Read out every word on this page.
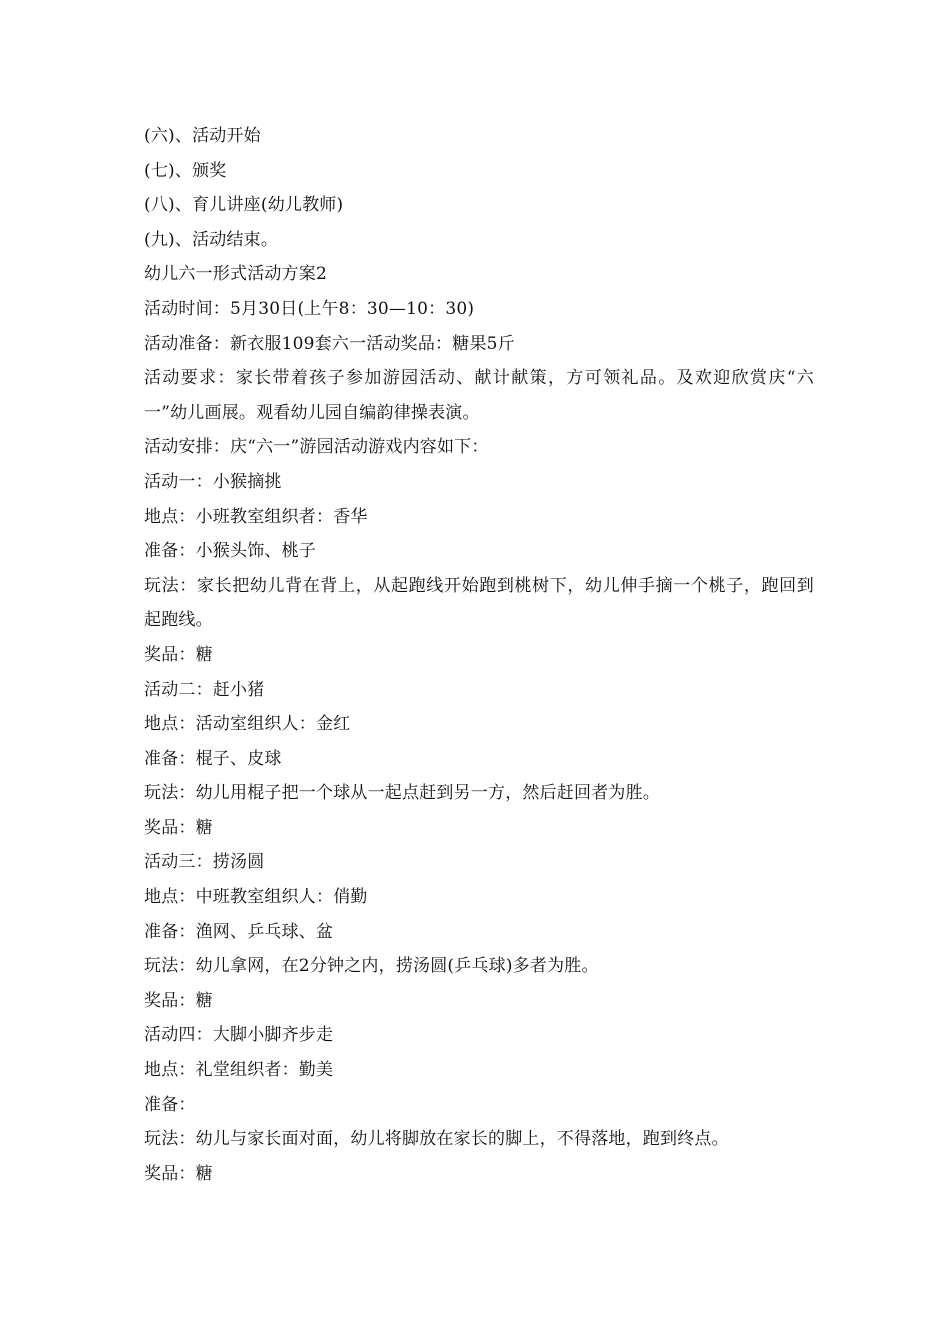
(六)、活动开始
(七)、颁奖
(八)、育儿讲座(幼儿教师)
(九)、活动结束。
幼儿六一形式活动方案2
活动时间：5月30日(上午8：30—10：30)
活动准备：新衣服109套六一活动奖品：糖果5斤
活动要求：家长带着孩子参加游园活动、献计献策，方可领礼品。及欢迎欣赏庆“六一”幼儿画展。观看幼儿园自编韵律操表演。
活动安排：庆“六一”游园活动游戏内容如下：
活动一：小猴摘挑
地点：小班教室组织者：香华
准备：小猴头饰、桃子
玩法：家长把幼儿背在背上，从起跑线开始跑到桃树下，幼儿伸手摘一个桃子，跑回到起跑线。
奖品：糖
活动二：赶小猪
地点：活动室组织人：金红
准备：棍子、皮球
玩法：幼儿用棍子把一个球从一起点赶到另一方，然后赶回者为胜。
奖品：糖
活动三：捞汤圆
地点：中班教室组织人：俏勤
准备：渔网、乒乓球、盆
玩法：幼儿拿网，在2分钟之内，捞汤圆(乒乓球)多者为胜。
奖品：糖
活动四：大脚小脚齐步走
地点：礼堂组织者：勤美
准备：
玩法：幼儿与家长面对面，幼儿将脚放在家长的脚上，不得落地，跑到终点。
奖品：糖
